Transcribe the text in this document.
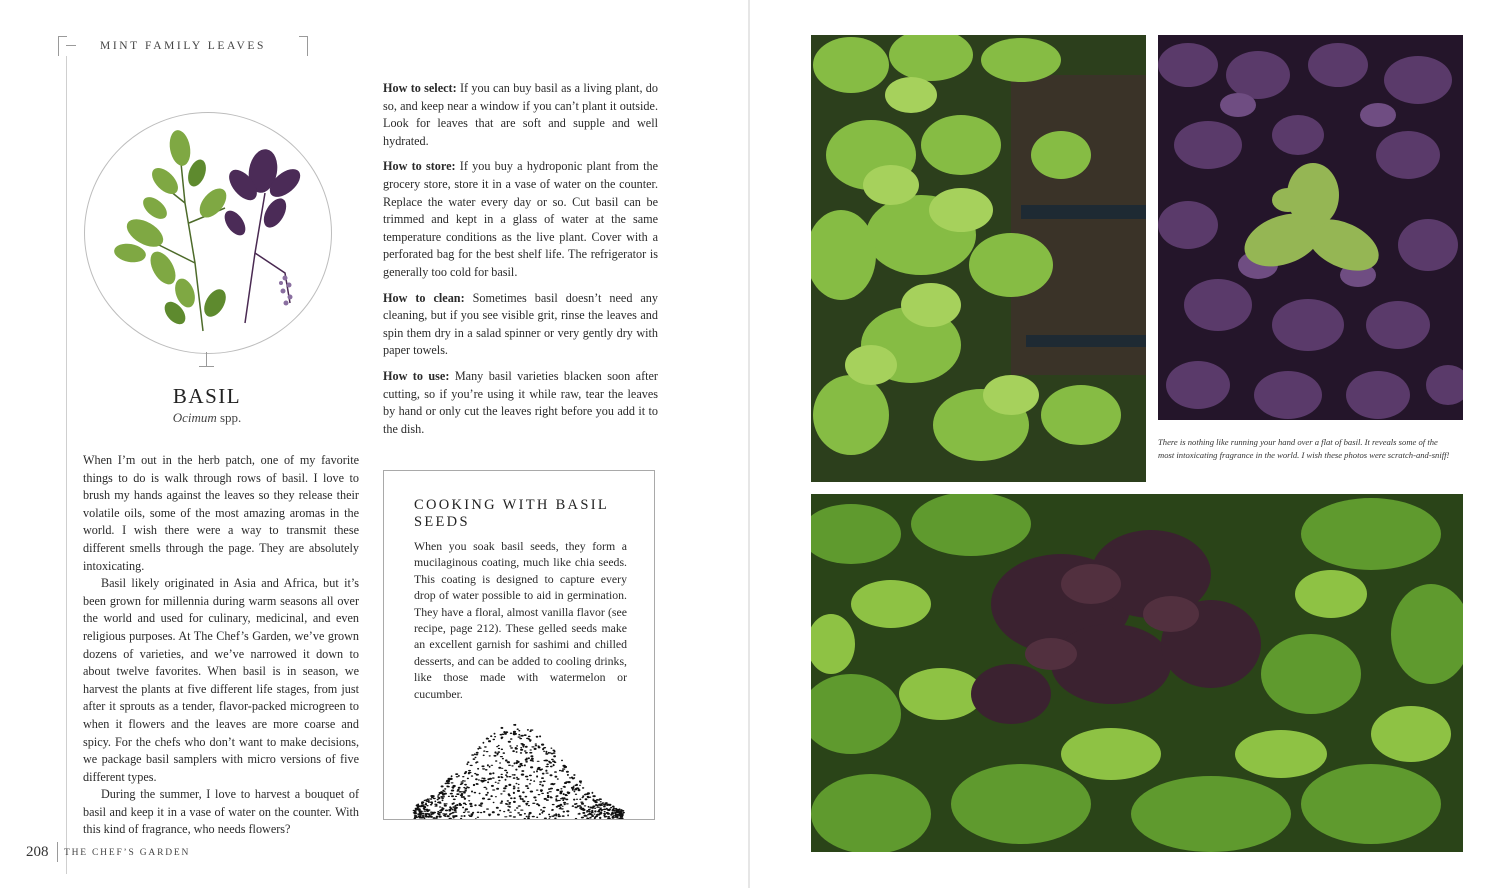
MINT FAMILY LEAVES
BASIL
Ocimum spp.

When I’m out in the herb patch, one of my favorite things to do is walk through rows of basil. I love to brush my hands against the leaves so they release their volatile oils, some of the most amazing aromas in the world. I wish there were a way to transmit these different smells through the page. They are absolutely intoxicating.

Basil likely originated in Asia and Africa, but it’s been grown for millennia during warm seasons all over the world and used for culinary, medicinal, and even religious purposes. At The Chef’s Garden, we’ve grown dozens of varieties, and we’ve narrowed it down to about twelve favorites. When basil is in season, we harvest the plants at five different life stages, from just after it sprouts as a tender, flavor-packed microgreen to when it flowers and the leaves are more coarse and spicy. For the chefs who don’t want to make decisions, we package basil samplers with micro versions of five different types.

During the summer, I love to harvest a bouquet of basil and keep it in a vase of water on the counter. With this kind of fragrance, who needs flowers?

How to select: If you can buy basil as a living plant, do so, and keep near a window if you can’t plant it outside. Look for leaves that are soft and supple and well hydrated.

How to store: If you buy a hydroponic plant from the grocery store, store it in a vase of water on the counter. Replace the water every day or so. Cut basil can be trimmed and kept in a glass of water at the same temperature conditions as the live plant. Cover with a perforated bag for the best shelf life. The refrigerator is generally too cold for basil.

How to clean: Sometimes basil doesn’t need any cleaning, but if you see visible grit, rinse the leaves and spin them dry in a salad spinner or very gently dry with paper towels.

How to use: Many basil varieties blacken soon after cutting, so if you’re using it while raw, tear the leaves by hand or only cut the leaves right before you add it to the dish.

COOKING WITH BASIL SEEDS
When you soak basil seeds, they form a mucilaginous coating, much like chia seeds. This coating is designed to capture every drop of water possible to aid in germination. They have a floral, almost vanilla flavor (see recipe, page 212). These gelled seeds make an excellent garnish for sashimi and chilled desserts, and can be added to cooling drinks, like those made with watermelon or cucumber.
208 THE CHEF’S GARDEN
There is nothing like running your hand over a flat of basil. It reveals some of the most intoxicating fragrance in the world. I wish these photos were scratch-and-sniff!
